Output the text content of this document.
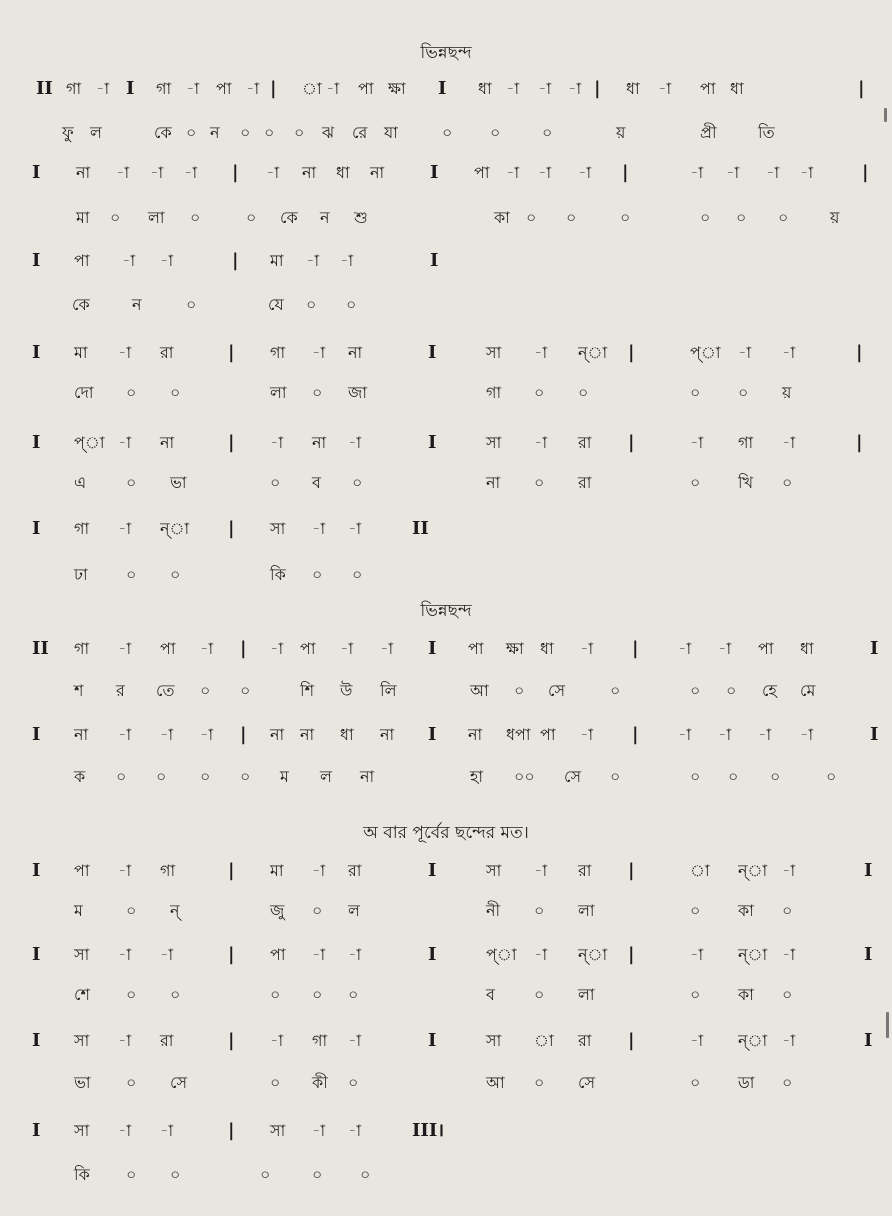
ভিন্নছন্দ
ভিন্নছন্দ
অ বার পূর্বের ছন্দের মত।
II গা -া I গা -া পা -া | া -া পা ক্ষা I ধা -া -া -া | ধা -া পা ধা	|
ফু ল	কে ০ ন ০ ০ ০ ঝ রে যা	০ ০	০	য়	প্রী	তি
I না -া -া -া | -া না ধা না	I পা -া -া -া |	-া -া -া -া	|
মা ০ লা ০	০ কে ন শু	কা ০ ০	০	০ ০ ০	য়
I পা -া -া	| মা -া -া	I
কে	ন	০	যে ০ ০
I মা -া রা	| গা -া না	I	সা -া ন্‌া |	প্‌া -া -া	|
দো ০ ০	লা ০ জা	গা ০ ০	০ ০ য়
I প্‌া -া না	| -া না -া	I	সা -া রা |	-া গা -া	|
এ ০ ভা	০ ব ০	না ০ রা	০ খি ০
I গা -া ন্‌া | সা -া -া	II
ঢা ০ ০	কি ০ ০
II গা -া পা -া | -া পা -া -া I পা ক্ষা ধা -া | -া -া পা ধা	I
শ র তে ০ ০	শি উ লি	আ ০ সে	০	০ ০ হে মে
I না -া -া -া | না না ধা না I না ধপা পা -া | -া -া -া -া	I
ক ০ ০ ০ ০ ম ল না	হা ০০ সে ০	০ ০ ০	০
I পা -া গা	| মা -া রা	I	সা -া রা |	া ন্‌া -া	I
ম	০ ন্‌	জু ০ ল	নী ০ লা	০ কা ০
I সা -া -া	| পা -া -া	I	প্‌া -া ন্‌া |	-া ন্‌া -া	I
শে ০ ০	০ ০ ০	ব ০ লা	০ কা ০
I সা -া রা	| -া গা -া	I	সা া রা |	-া ন্‌া -া	I
ভা ০ সে	০ কী ০	আ ০ সে	০ ডা ০
I সা -া -া	| সা -া -া	III।
কি ০ ০	০	০ ০
